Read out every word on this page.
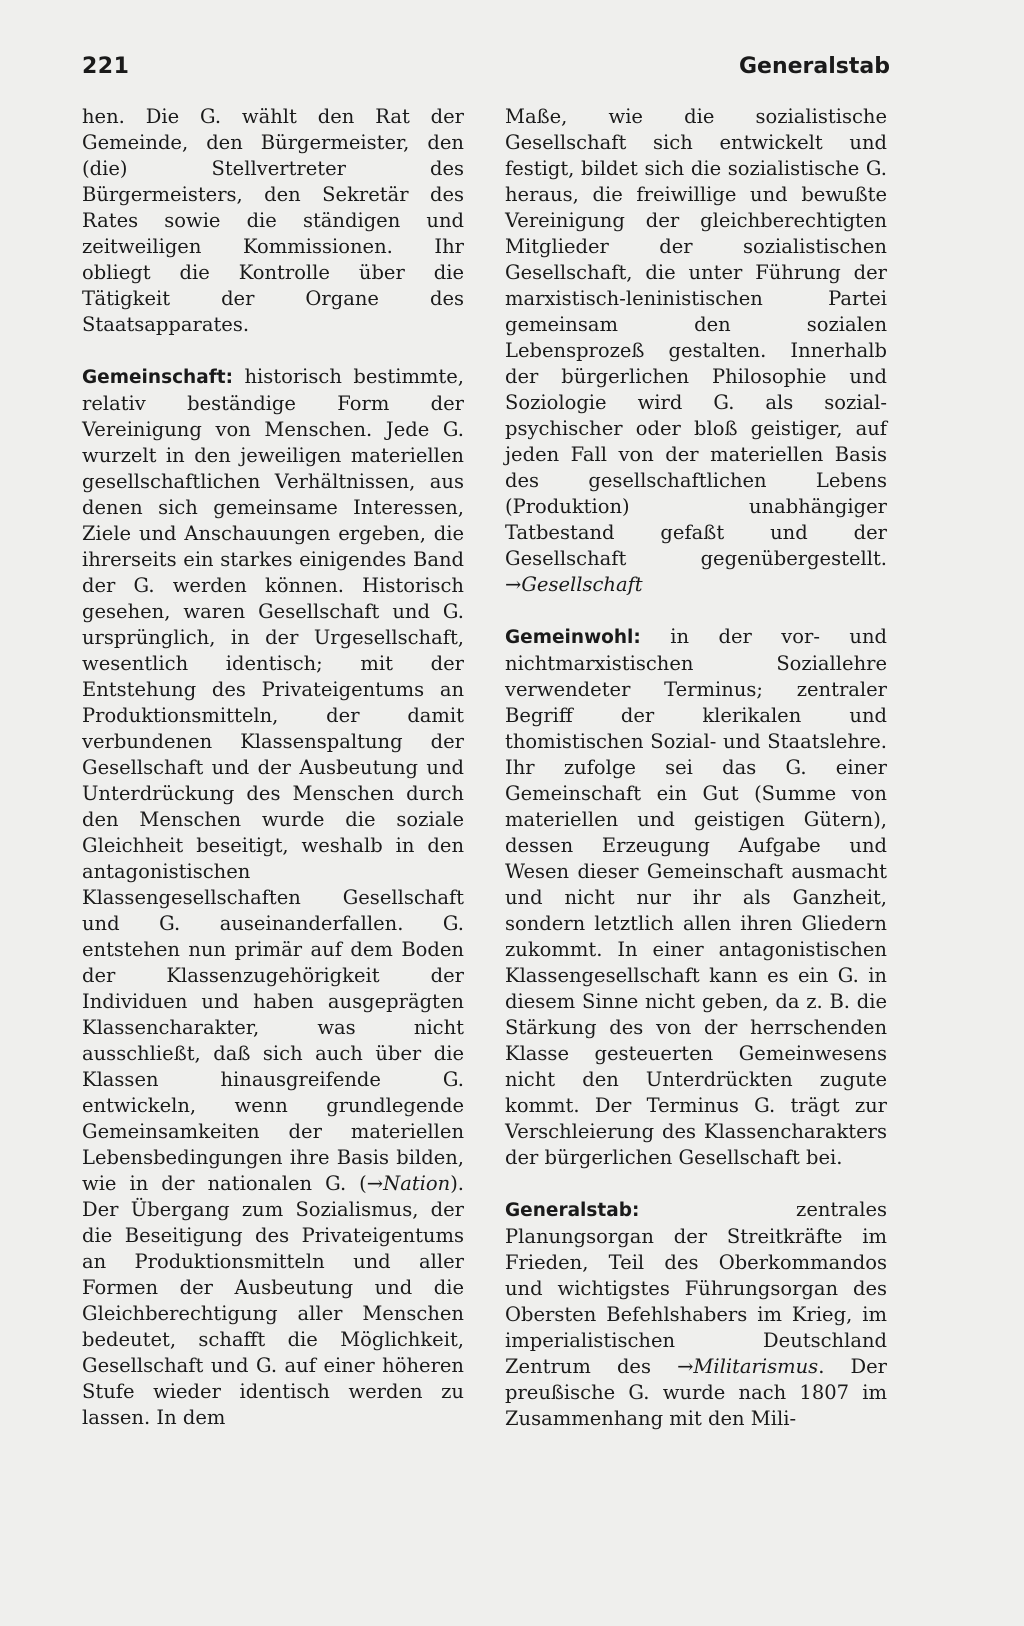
221	Generalstab

hen. Die G. wählt den Rat der Gemeinde, den Bürgermeister, den (die) Stellvertreter des Bürgermeisters, den Sekretär des Rates sowie die ständigen und zeitweiligen Kommissionen. Ihr obliegt die Kontrolle über die Tätigkeit der Organe des Staatsapparates.

Gemeinschaft: historisch bestimmte, relativ beständige Form der Vereinigung von Menschen. Jede G. wurzelt in den jeweiligen materiellen gesellschaftlichen Verhältnissen, aus denen sich gemeinsame Interessen, Ziele und Anschauungen ergeben, die ihrerseits ein starkes einigendes Band der G. werden können. Historisch gesehen, waren Gesellschaft und G. ursprünglich, in der Urgesellschaft, wesentlich identisch; mit der Entstehung des Privateigentums an Produktionsmitteln, der damit verbundenen Klassenspaltung der Gesellschaft und der Ausbeutung und Unterdrückung des Menschen durch den Menschen wurde die soziale Gleichheit beseitigt, weshalb in den antagonistischen Klassengesellschaften Gesellschaft und G. auseinanderfallen. G. entstehen nun primär auf dem Boden der Klassenzugehörigkeit der Individuen und haben ausgeprägten Klassencharakter, was nicht ausschließt, daß sich auch über die Klassen hinausgreifende G. entwickeln, wenn grundlegende Gemeinsamkeiten der materiellen Lebensbedingungen ihre Basis bilden, wie in der nationalen G. (→Nation). Der Übergang zum Sozialismus, der die Beseitigung des Privateigentums an Produktionsmitteln und aller Formen der Ausbeutung und die Gleichberechtigung aller Menschen bedeutet, schafft die Möglichkeit, Gesellschaft und G. auf einer höheren Stufe wieder identisch werden zu lassen. In dem

Maße, wie die sozialistische Gesellschaft sich entwickelt und festigt, bildet sich die sozialistische G. heraus, die freiwillige und bewußte Vereinigung der gleichberechtigten Mitglieder der sozialistischen Gesellschaft, die unter Führung der marxistisch-leninistischen Partei gemeinsam den sozialen Lebensprozeß gestalten. Innerhalb der bürgerlichen Philosophie und Soziologie wird G. als sozial-psychischer oder bloß geistiger, auf jeden Fall von der materiellen Basis des gesellschaftlichen Lebens (Produktion) unabhängiger Tatbestand gefaßt und der Gesellschaft gegenübergestellt. →Gesellschaft

Gemeinwohl: in der vor- und nichtmarxistischen Soziallehre verwendeter Terminus; zentraler Begriff der klerikalen und thomistischen Sozial- und Staatslehre. Ihr zufolge sei das G. einer Gemeinschaft ein Gut (Summe von materiellen und geistigen Gütern), dessen Erzeugung Aufgabe und Wesen dieser Gemeinschaft ausmacht und nicht nur ihr als Ganzheit, sondern letztlich allen ihren Gliedern zukommt. In einer antagonistischen Klassengesellschaft kann es ein G. in diesem Sinne nicht geben, da z. B. die Stärkung des von der herrschenden Klasse gesteuerten Gemeinwesens nicht den Unterdrückten zugute kommt. Der Terminus G. trägt zur Verschleierung des Klassencharakters der bürgerlichen Gesellschaft bei.

Generalstab: zentrales Planungsorgan der Streitkräfte im Frieden, Teil des Oberkommandos und wichtigstes Führungsorgan des Obersten Befehlshabers im Krieg, im imperialistischen Deutschland Zentrum des →Militarismus. Der preußische G. wurde nach 1807 im Zusammenhang mit den Mili-
